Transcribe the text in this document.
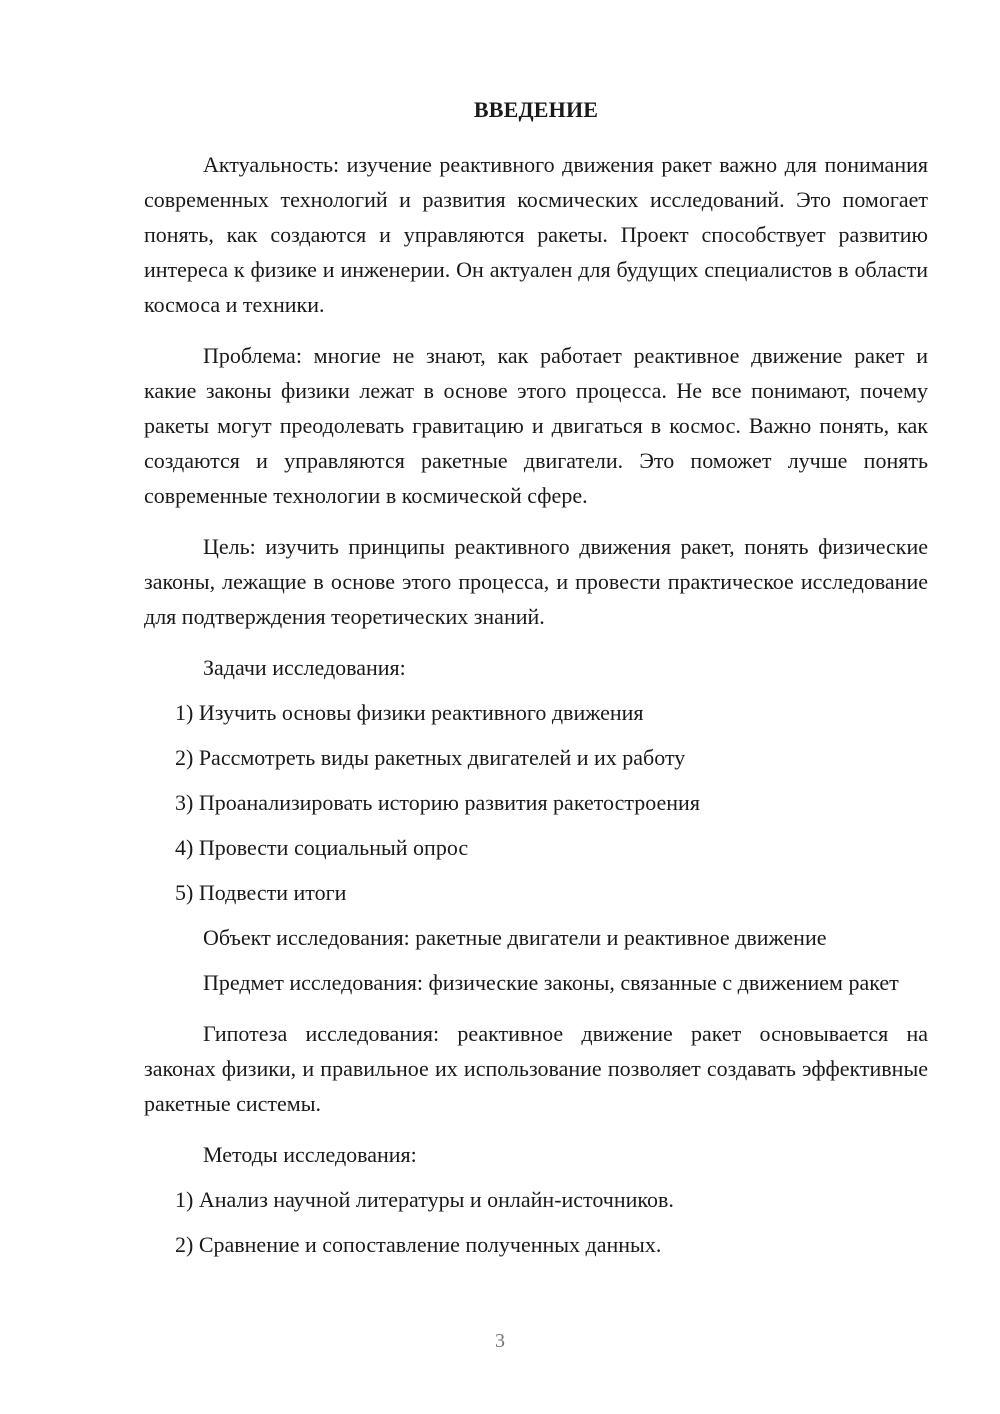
ВВЕДЕНИЕ

Актуальность: изучение реактивного движения ракет важно для понимания современных технологий и развития космических исследований. Это помогает понять, как создаются и управляются ракеты. Проект способствует развитию интереса к физике и инженерии. Он актуален для будущих специалистов в области космоса и техники.

Проблема: многие не знают, как работает реактивное движение ракет и какие законы физики лежат в основе этого процесса. Не все понимают, почему ракеты могут преодолевать гравитацию и двигаться в космос. Важно понять, как создаются и управляются ракетные двигатели. Это поможет лучше понять современные технологии в космической сфере.

Цель: изучить принципы реактивного движения ракет, понять физические законы, лежащие в основе этого процесса, и провести практическое исследование для подтверждения теоретических знаний.

Задачи исследования:

1) Изучить основы физики реактивного движения

2) Рассмотреть виды ракетных двигателей и их работу

3) Проанализировать историю развития ракетостроения

4) Провести социальный опрос

5) Подвести итоги

Объект исследования: ракетные двигатели и реактивное движение

Предмет исследования: физические законы, связанные с движением ракет

Гипотеза исследования: реактивное движение ракет основывается на законах физики, и правильное их использование позволяет создавать эффективные ракетные системы.

Методы исследования:

1) Анализ научной литературы и онлайн-источников.

2) Сравнение и сопоставление полученных данных.

3
